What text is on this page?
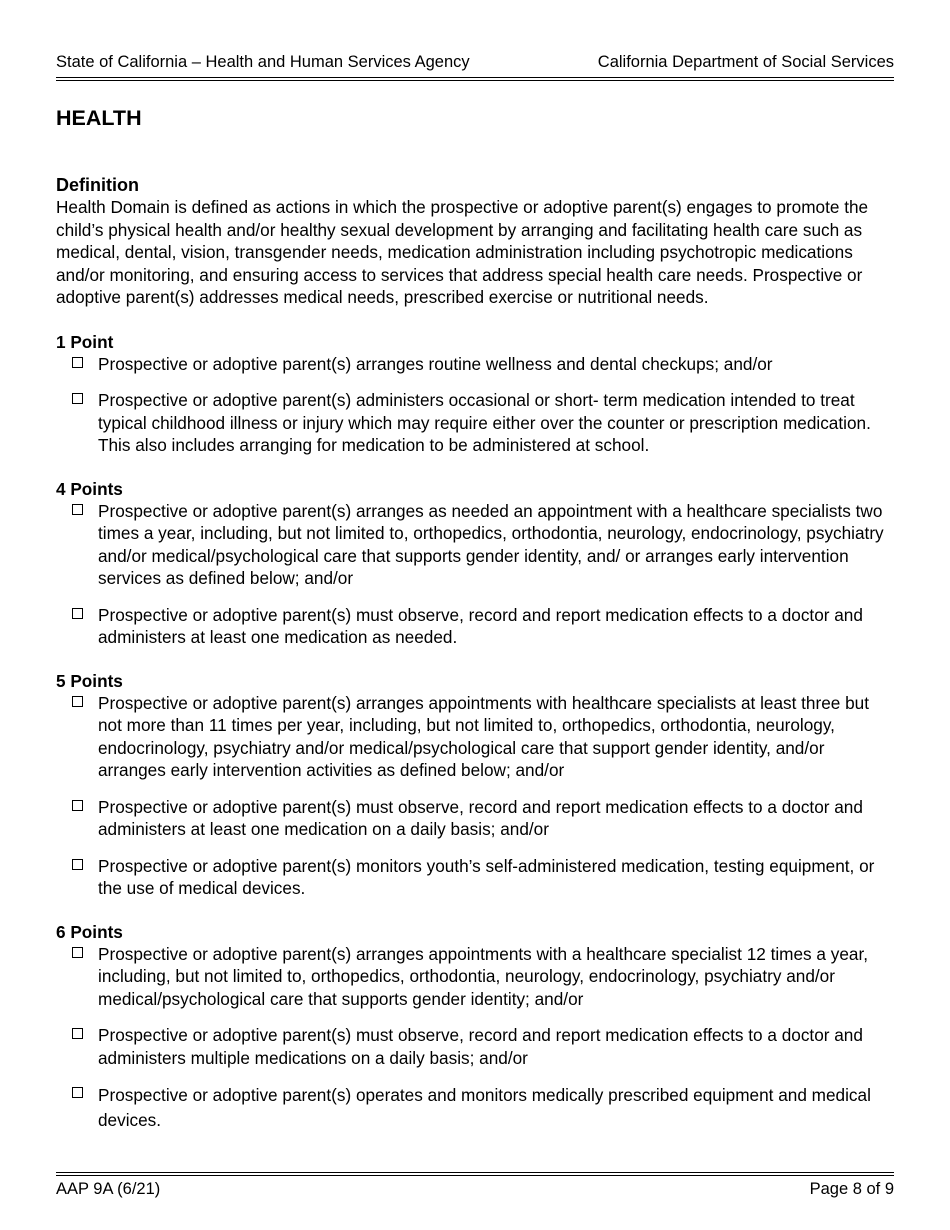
State of California – Health and Human Services Agency	California Department of Social Services
HEALTH
Definition

Health Domain is defined as actions in which the prospective or adoptive parent(s) engages to promote the child’s physical health and/or healthy sexual development by arranging and facilitating health care such as medical, dental, vision, transgender needs, medication administration including psychotropic medications and/or monitoring, and ensuring access to services that address special health care needs. Prospective or adoptive parent(s) addresses medical needs, prescribed exercise or nutritional needs.

1 Point
Prospective or adoptive parent(s) arranges routine wellness and dental checkups; and/or
Prospective or adoptive parent(s) administers occasional or short- term medication intended to treat typical childhood illness or injury which may require either over the counter or prescription medication. This also includes arranging for medication to be administered at school.
4 Points
Prospective or adoptive parent(s) arranges as needed an appointment with a healthcare specialists two times a year, including, but not limited to, orthopedics, orthodontia, neurology, endocrinology, psychiatry and/or medical/psychological care that supports gender identity, and/ or arranges early intervention services as defined below; and/or
Prospective or adoptive parent(s) must observe, record and report medication effects to a doctor and administers at least one medication as needed.
5 Points
Prospective or adoptive parent(s) arranges appointments with healthcare specialists at least three but not more than 11 times per year, including, but not limited to, orthopedics, orthodontia, neurology, endocrinology, psychiatry and/or medical/psychological care that support gender identity, and/or arranges early intervention activities as defined below; and/or
Prospective or adoptive parent(s) must observe, record and report medication effects to a doctor and administers at least one medication on a daily basis; and/or
Prospective or adoptive parent(s) monitors youth’s self-administered medication, testing equipment, or the use of medical devices.
6 Points
Prospective or adoptive parent(s) arranges appointments with a healthcare specialist 12 times a year, including, but not limited to, orthopedics, orthodontia, neurology, endocrinology, psychiatry and/or medical/psychological care that supports gender identity; and/or
Prospective or adoptive parent(s) must observe, record and report medication effects to a doctor and administers multiple medications on a daily basis; and/or
Prospective or adoptive parent(s) operates and monitors medically prescribed equipment and medical devices.
AAP 9A (6/21)	Page 8 of 9
